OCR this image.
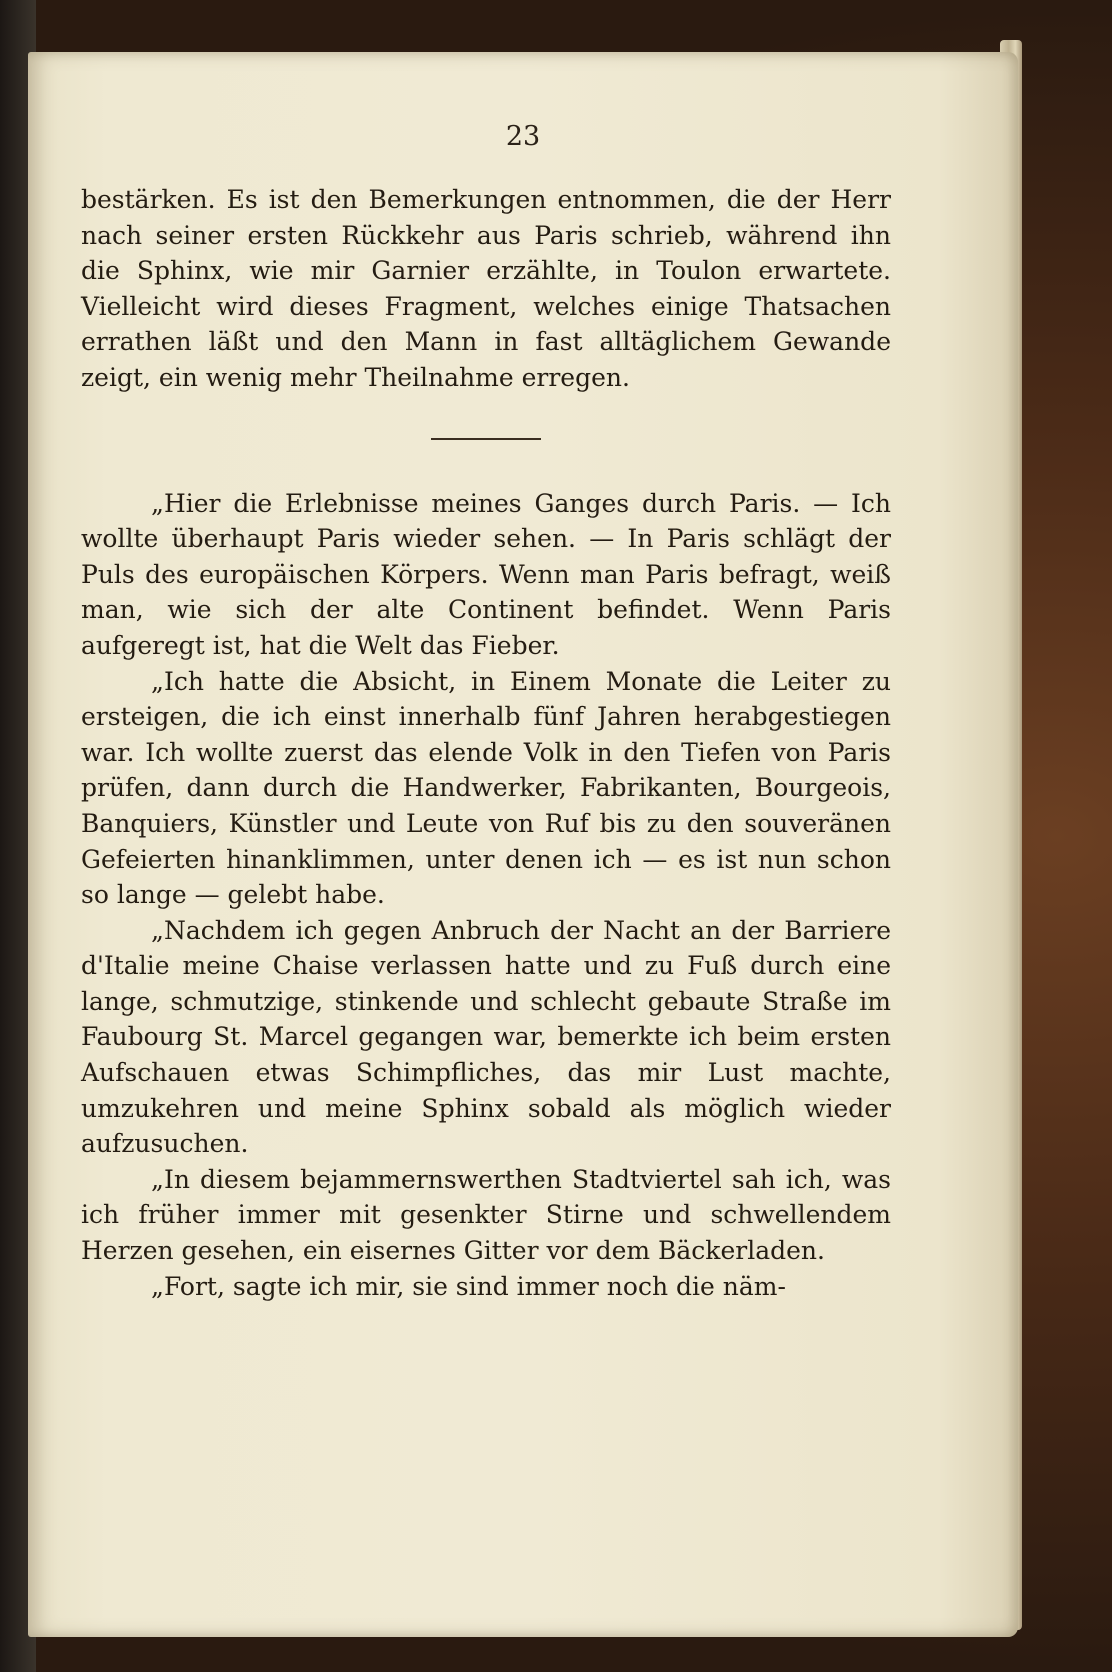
23

bestärken. Es ist den Bemerkungen entnommen, die der Herr nach seiner ersten Rückkehr aus Paris schrieb, während ihn die Sphinx, wie mir Garnier erzählte, in Toulon erwartete. Vielleicht wird dieses Fragment, welches einige Thatsachen errathen läßt und den Mann in fast alltäglichem Gewande zeigt, ein wenig mehr Theilnahme erregen.

„Hier die Erlebnisse meines Ganges durch Paris. — Ich wollte überhaupt Paris wieder sehen. — In Paris schlägt der Puls des europäischen Körpers. Wenn man Paris befragt, weiß man, wie sich der alte Continent befindet. Wenn Paris aufgeregt ist, hat die Welt das Fieber.

„Ich hatte die Absicht, in Einem Monate die Leiter zu ersteigen, die ich einst innerhalb fünf Jahren herabgestiegen war. Ich wollte zuerst das elende Volk in den Tiefen von Paris prüfen, dann durch die Handwerker, Fabrikanten, Bourgeois, Banquiers, Künstler und Leute von Ruf bis zu den souveränen Gefeierten hinanklimmen, unter denen ich — es ist nun schon so lange — gelebt habe.

„Nachdem ich gegen Anbruch der Nacht an der Barriere d'Italie meine Chaise verlassen hatte und zu Fuß durch eine lange, schmutzige, stinkende und schlecht gebaute Straße im Faubourg St. Marcel gegangen war, bemerkte ich beim ersten Aufschauen etwas Schimpfliches, das mir Lust machte, umzukehren und meine Sphinx sobald als möglich wieder aufzusuchen.

„In diesem bejammernswerthen Stadtviertel sah ich, was ich früher immer mit gesenkter Stirne und schwellendem Herzen gesehen, ein eisernes Gitter vor dem Bäckerladen.

„Fort, sagte ich mir, sie sind immer noch die näm-
